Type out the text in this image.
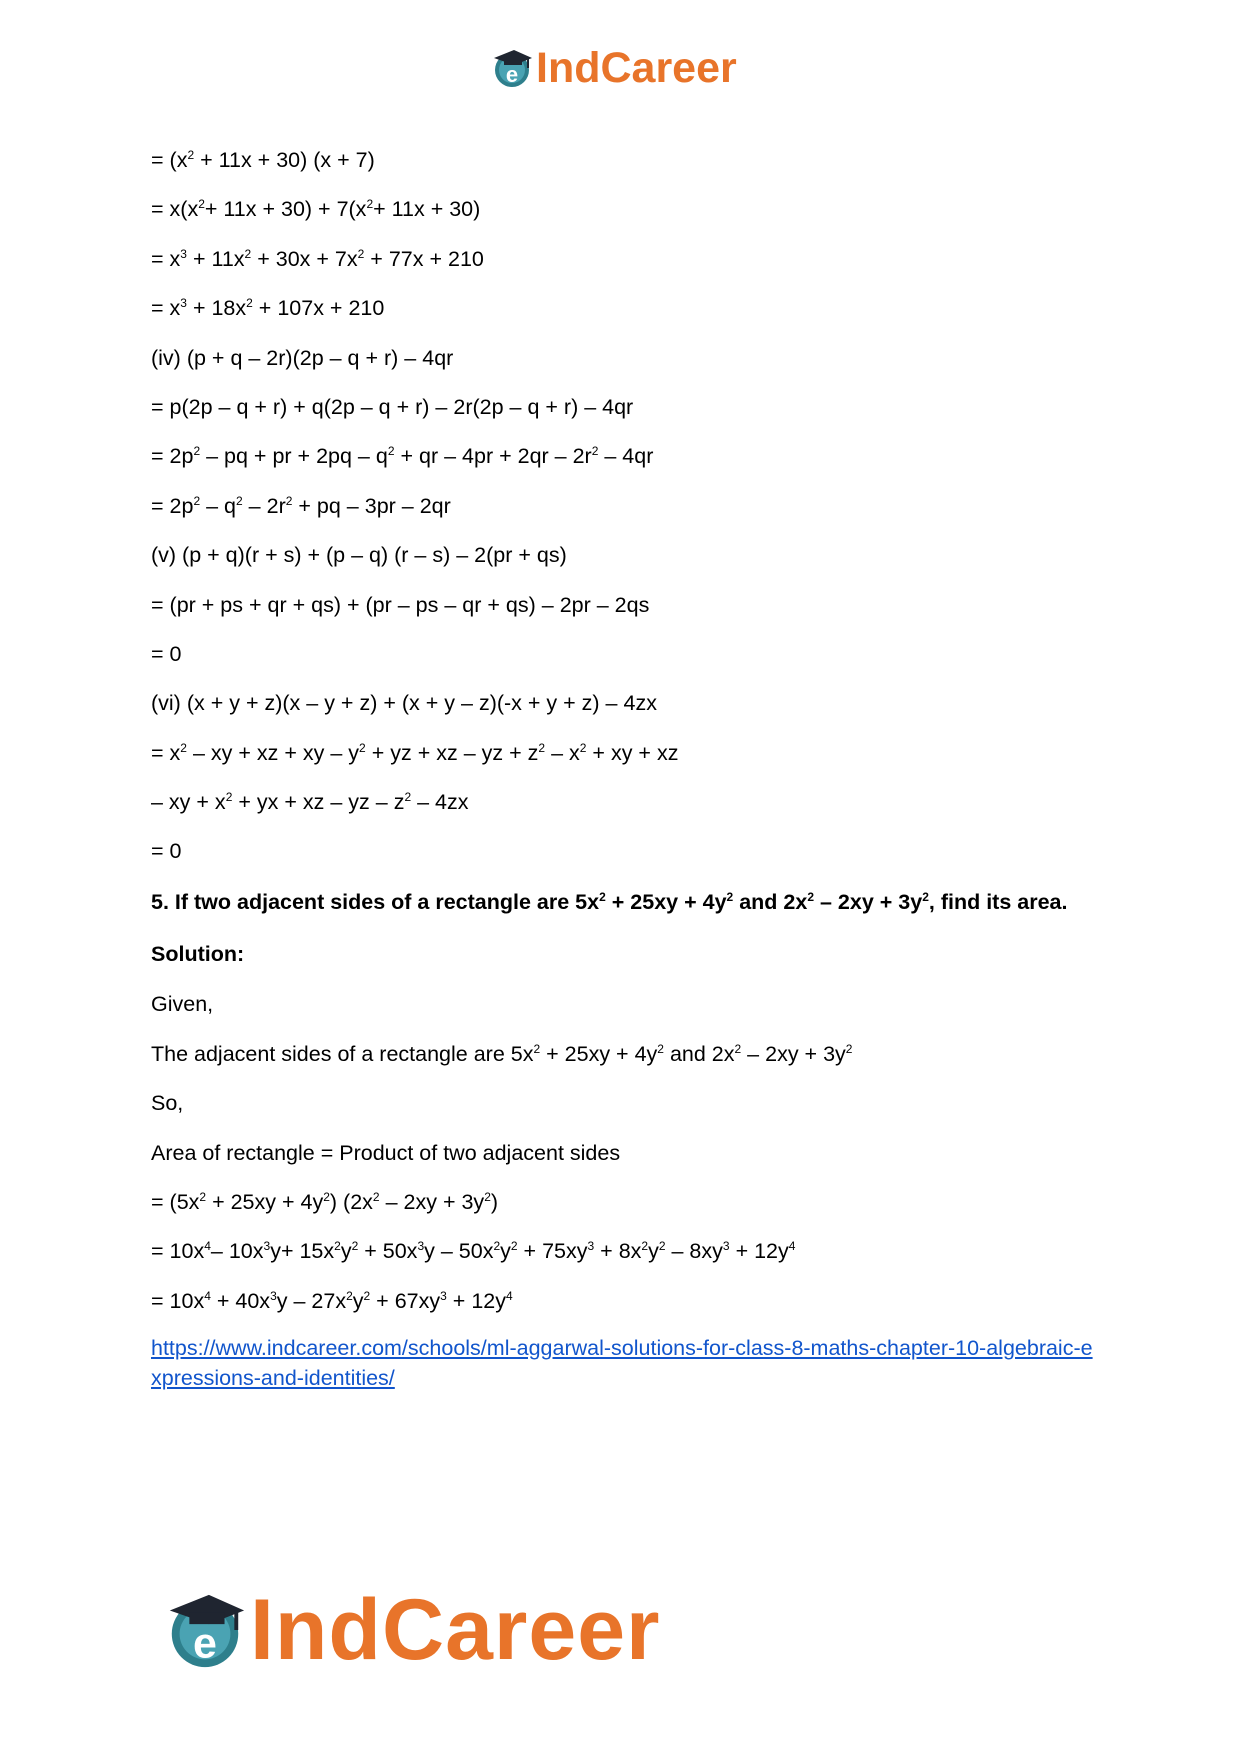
e IndCareer

= $(x^2 + 11x + 30) (x + 7)$

= $x(x^2+ 11x + 30) + 7(x^2+ 11x + 30)$

= $x^3 + 11x^2 + 30x + 7x^2 + 77x + 210$

= $x^3 + 18x^2 + 107x + 210$

(iv) (p + q – 2r)(2p – q + r) – 4qr

= p(2p – q + r) + q(2p – q + r) – 2r(2p – q + r) – 4qr

= $2p^2$ – pq + pr + $2pq - q^2$ + qr – $4pr + 2qr - 2r^2 - 4qr$

= $2p^2 - q^2 - 2r^2$ + pq – 3pr – 2qr

(v) (p + q)(r + s) + (p – q) (r – s) – 2(pr + qs)

= (pr + ps + qr + qs) + (pr – ps – qr + qs) – 2pr – 2qs

= 0

(vi) (x + y + z)(x – y + z) + (x + y – z)(-x + y + z) – 4zx

= $x^2$ – xy + xz + xy – $y^2$ + yz + xz – yz + $z^2 - x^2$ + xy + xz

– xy + $x^2$ + yx + xz – yz – $z^2 - 4zx$

= 0

5. If two adjacent sides of a rectangle are $5x^2 + 25xy + 4y^2$ and $2x^2 - 2xy + 3y^2$, find its area.

Solution:

Given,

The adjacent sides of a rectangle are $5x^2 + 25xy + 4y^2$ and $2x^2 - 2xy + 3y^2$

So,

Area of rectangle = Product of two adjacent sides

= $(5x^2 + 25xy + 4y^2)$ $(2x^2 - 2xy + 3y^2)$

= $10x^4-$ $10x^3y+ 15x^2y^2 + 50x^3y - 50x^2y^2 + 75xy^3 + 8x^2y^2 - 8xy^3 + 12y^4$

= $10x^4 + 40x^3y - 27x^2y^2 + 67xy^3 + 12y^4$

https://www.indcareer.com/schools/ml-aggarwal-solutions-for-class-8-maths-chapter-10-algebraic-expressions-and-identities/
e IndCareer
